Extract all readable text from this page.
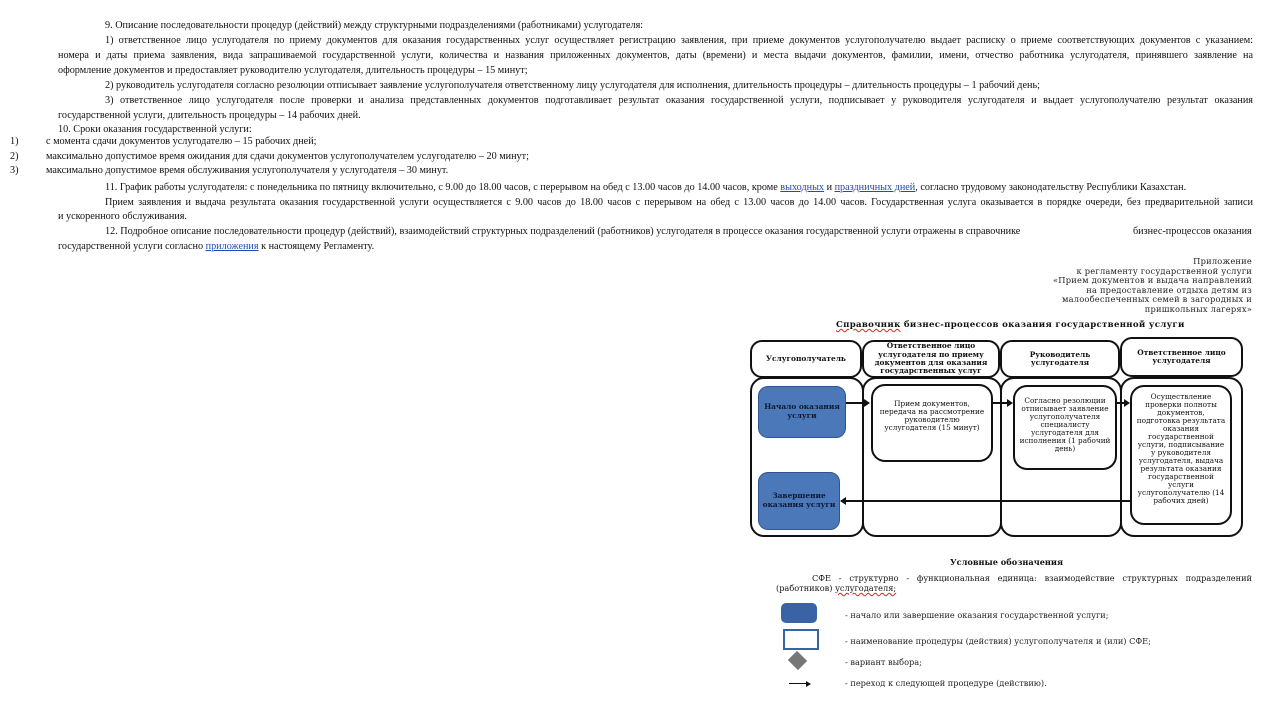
9. Описание последовательности процедур (действий) между структурными подразделениями (работниками) услугодателя:
1) ответственное лицо услугодателя по приему документов для оказания государственных услуг осуществляет регистрацию заявления, при приеме документов услугополучателю выдает расписку о приеме соответствующих документов с указанием:
номера и даты приема заявления, вида запрашиваемой государственной услуги, количества и названия приложенных документов, даты (времени) и места выдачи документов, фамилии, имени, отчество работника услугодателя, принявшего заявление на
оформление документов и предоставляет руководителю услугодателя, длительность процедуры – 15 минут;
2) руководитель услугодателя согласно резолюции отписывает заявление услугополучателя ответственному лицу услугодателя для исполнения, длительность процедуры – длительность процедуры – 1 рабочий день;
3) ответственное лицо услугодателя после проверки и анализа представленных документов подготавливает результат оказания государственной услуги, подписывает у руководителя услугодателя и выдает услугополучателю результат оказания
государственной услуги, длительность процедуры – 14 рабочих дней.
10. Сроки оказания государственной услуги:
1)	с момента сдачи документов услугодателю – 15 рабочих дней;
2)	максимально допустимое время ожидания для сдачи документов услугополучателем услугодателю – 20 минут;
3)	максимально допустимое время обслуживания услугополучателя у услугодателя – 30 минут.
11. График работы услугодателя: с понедельника по пятницу включительно, с 9.00 до 18.00 часов, с перерывом на обед с 13.00 часов до 14.00 часов, кроме выходных и праздничных дней, согласно трудовому законодательству Республики Казахстан.
Прием заявления и выдача результата оказания государственной услуги осуществляется с 9.00 часов до 18.00 часов с перерывом на обед с 13.00 часов до 14.00 часов. Государственная услуга оказывается в порядке очереди, без предварительной записи
и ускоренного обслуживания.
12. Подробное описание последовательности процедур (действий), взаимодействий структурных подразделений (работников) услугодателя в процессе оказания государственной услуги отражены в справочнике	бизнес-процессов оказания
государственной услуги согласно приложения к настоящему Регламенту.
Приложение
к регламенту государственной услуги
«Прием документов и выдача направлений
на предоставление отдыха детям из
малообеспеченных семей в загородных и
пришкольных лагерях»
Справочник бизнес-процессов оказания государственной услуги
Услугополучатель
Ответственное лицо услугодателя по приему документов для оказания государственных услуг
Руководитель услугодателя
Ответственное лицо услугодателя
Начало оказания услуги
Завершение оказания услуги
Прием документов, передача на рассмотрение руководителю услугодателя (15 минут)
Согласно резолюции отписывает заявление услугополучателя специалисту услугодателя для исполнения (1 рабочий день)
Осуществление проверки полноты документов, подготовка результата оказания государственной услуги, подписывание у руководителя услугодателя, выдача результата оказания государственной услуги услугополучателю (14 рабочих дней)
Условные обозначения
СФЕ - структурно - функциональная единица: взаимодействие структурных подразделений (работников) услугодателя;
- начало или завершение оказания государственной услуги;
- наименование процедуры (действия) услугополучателя и (или) СФЕ;
- вариант выбора;
- переход к следующей процедуре (действию).
